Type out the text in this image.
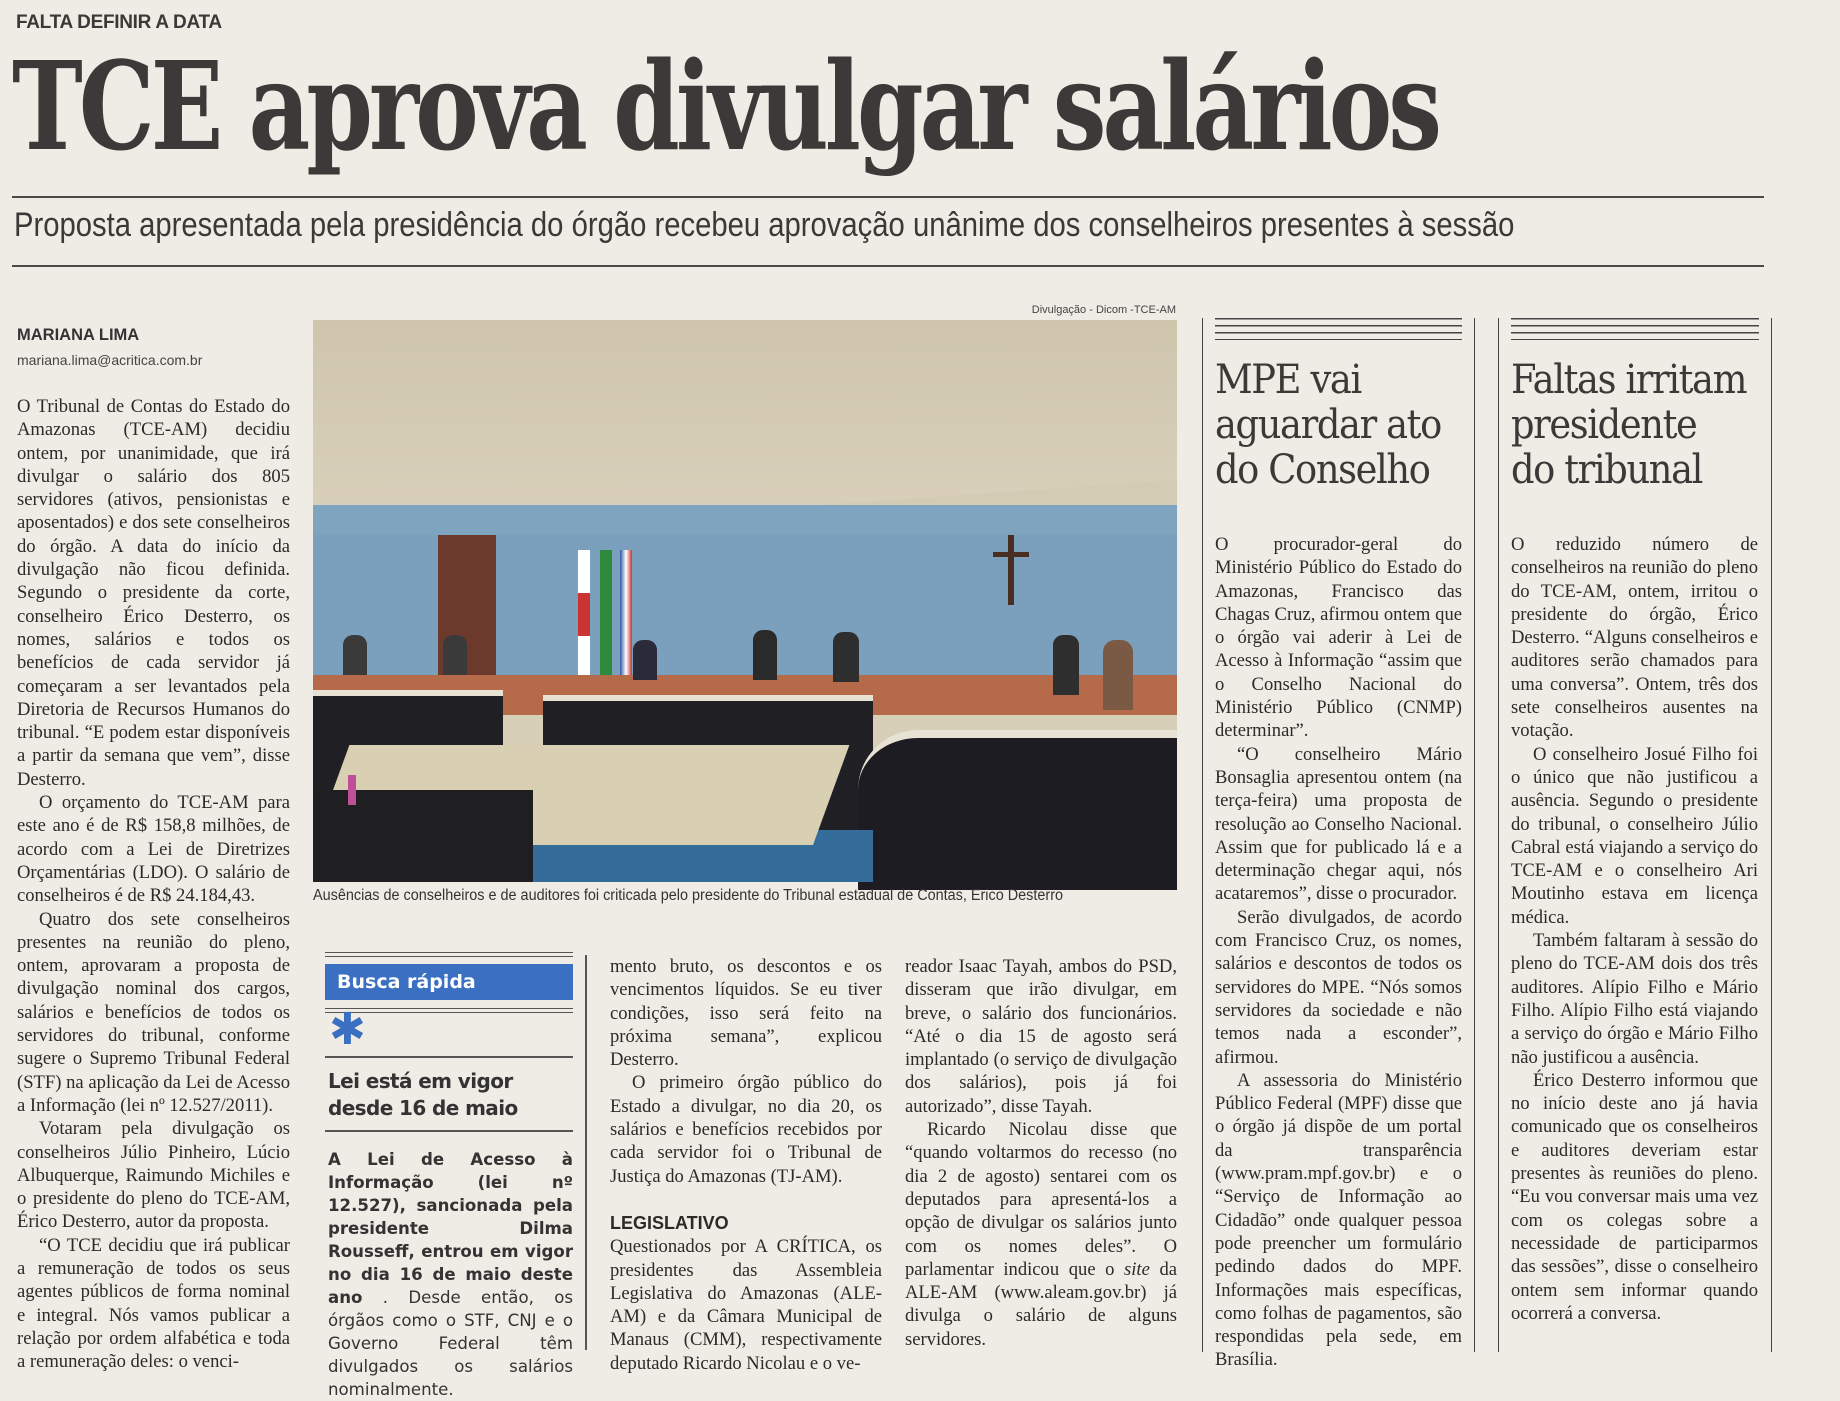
FALTA DEFINIR A DATA
TCE aprova divulgar salários
Proposta apresentada pela presidência do órgão recebeu aprovação unânime dos conselheiros presentes à sessão
MARIANA LIMA
mariana.lima@acritica.com.br

O Tribunal de Contas do Estado do Amazonas (TCE-AM) decidiu ontem, por unanimidade, que irá divulgar o salário dos 805 servidores (ativos, pensionistas e aposentados) e dos sete conselheiros do órgão. A data do início da divulgação não ficou definida. Segundo o presidente da corte, conselheiro Érico Desterro, os nomes, salários e todos os benefícios de cada servidor já começaram a ser levantados pela Diretoria de Recursos Humanos do tribunal. “E podem estar disponíveis a partir da semana que vem”, disse Desterro.

O orçamento do TCE-AM para este ano é de R$ 158,8 milhões, de acordo com a Lei de Diretrizes Orçamentárias (LDO). O salário de conselheiros é de R$ 24.184,43.

Quatro dos sete conselheiros presentes na reunião do pleno, ontem, aprovaram a proposta de divulgação nominal dos cargos, salários e benefícios de todos os servidores do tribunal, conforme sugere o Supremo Tribunal Federal (STF) na aplicação da Lei de Acesso a Informação (lei nº 12.527/2011).

Votaram pela divulgação os conselheiros Júlio Pinheiro, Lúcio Albuquerque, Raimundo Michiles e o presidente do pleno do TCE-AM, Érico Desterro, autor da proposta.

“O TCE decidiu que irá publicar a remuneração de todos os seus agentes públicos de forma nominal e integral. Nós vamos publicar a relação por ordem alfabética e toda a remuneração deles: o venci-

Divulgação - Dicom -TCE-AM
Ausências de conselheiros e de auditores foi criticada pelo presidente do Tribunal estadual de Contas, Érico Desterro
Busca rápida
✱
Lei está em vigor desde 16 de maio
A Lei de Acesso à Informação (lei nº 12.527), sancionada pela presidente Dilma Rousseff, entrou em vigor no dia 16 de maio deste ano . Desde então, os órgãos como o STF, CNJ e o Governo Federal têm divulgados os salários nominalmente.

mento bruto, os descontos e os vencimentos líquidos. Se eu tiver condições, isso será feito na próxima semana”, explicou Desterro.

O primeiro órgão público do Estado a divulgar, no dia 20, os salários e benefícios recebidos por cada servidor foi o Tribunal de Justiça do Amazonas (TJ-AM).

LEGISLATIVO

Questionados por A CRÍTICA, os presidentes das Assembleia Legislativa do Amazonas (ALE-AM) e da Câmara Municipal de Manaus (CMM), respectivamente deputado Ricardo Nicolau e o ve-

reador Isaac Tayah, ambos do PSD, disseram que irão divulgar, em breve, o salário dos funcionários. “Até o dia 15 de agosto será implantado (o serviço de divulgação dos salários), pois já foi autorizado”, disse Tayah.

Ricardo Nicolau disse que “quando voltarmos do recesso (no dia 2 de agosto) sentarei com os deputados para apresentá-los a opção de divulgar os salários junto com os nomes deles”. O parlamentar indicou que o site da ALE-AM (www.aleam.gov.br) já divulga o salário de alguns servidores.

MPE vai
aguardar ato
do Conselho

O procurador-geral do Ministério Público do Estado do Amazonas, Francisco das Chagas Cruz, afirmou ontem que o órgão vai aderir à Lei de Acesso à Informação “assim que o Conselho Nacional do Ministério Público (CNMP) determinar”.

“O conselheiro Mário Bonsaglia apresentou ontem (na terça-feira) uma proposta de resolução ao Conselho Nacional. Assim que for publicado lá e a determinação chegar aqui, nós acataremos”, disse o procurador.

Serão divulgados, de acordo com Francisco Cruz, os nomes, salários e descontos de todos os servidores do MPE. “Nós somos servidores da sociedade e não temos nada a esconder”, afirmou.

A assessoria do Ministério Público Federal (MPF) disse que o órgão já dispõe de um portal da transparência (www.pram.mpf.gov.br) e o “Serviço de Informação ao Cidadão” onde qualquer pessoa pode preencher um formulário pedindo dados do MPF. Informações mais específicas, como folhas de pagamentos, são respondidas pela sede, em Brasília.

Faltas irritam
presidente
do tribunal

O reduzido número de conselheiros na reunião do pleno do TCE-AM, ontem, irritou o presidente do órgão, Érico Desterro. “Alguns conselheiros e auditores serão chamados para uma conversa”. Ontem, três dos sete conselheiros ausentes na votação.

O conselheiro Josué Filho foi o único que não justificou a ausência. Segundo o presidente do tribunal, o conselheiro Júlio Cabral está viajando a serviço do TCE-AM e o conselheiro Ari Moutinho estava em licença médica.

Também faltaram à sessão do pleno do TCE-AM dois dos três auditores. Alípio Filho e Mário Filho. Alípio Filho está viajando a serviço do órgão e Mário Filho não justificou a ausência.

Érico Desterro informou que no início deste ano já havia comunicado que os conselheiros e auditores deveriam estar presentes às reuniões do pleno. “Eu vou conversar mais uma vez com os colegas sobre a necessidade de participarmos das sessões”, disse o conselheiro ontem sem informar quando ocorrerá a conversa.
